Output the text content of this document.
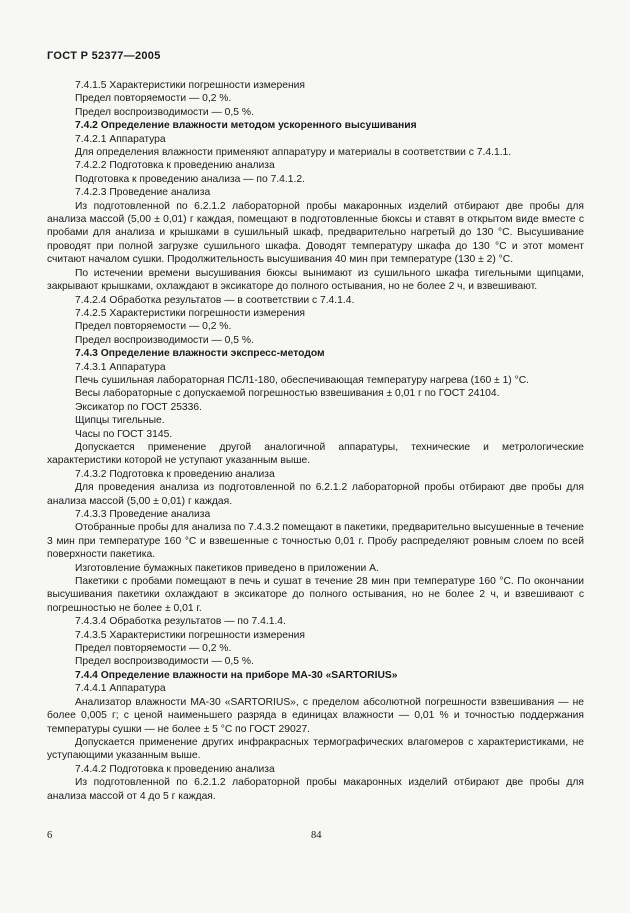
ГОСТ Р 52377—2005

7.4.1.5 Характеристики погрешности измерения

Предел повторяемости — 0,2 %.

Предел воспроизводимости — 0,5 %.

7.4.2 Определение влажности методом ускоренного высушивания

7.4.2.1 Аппаратура

Для определения влажности применяют аппаратуру и материалы в соответствии с 7.4.1.1.

7.4.2.2 Подготовка к проведению анализа

Подготовка к проведению анализа — по 7.4.1.2.

7.4.2.3 Проведение анализа

Из подготовленной по 6.2.1.2 лабораторной пробы макаронных изделий отбирают две пробы для анализа массой (5,00 ± 0,01) г каждая, помещают в подготовленные бюксы и ставят в открытом виде вместе с пробами для анализа и крышками в сушильный шкаф, предварительно нагретый до 130 °С. Высушивание проводят при полной загрузке сушильного шкафа. Доводят температуру шкафа до 130 °С и этот момент считают началом сушки. Продолжительность высушивания 40 мин при температуре (130 ± 2) °С.

По истечении времени высушивания бюксы вынимают из сушильного шкафа тигельными щипцами, закрывают крышками, охлаждают в эксикаторе до полного остывания, но не более 2 ч, и взвешивают.

7.4.2.4 Обработка результатов — в соответствии с 7.4.1.4.

7.4.2.5 Характеристики погрешности измерения

Предел повторяемости — 0,2 %.

Предел воспроизводимости — 0,5 %.

7.4.3 Определение влажности экспресс-методом

7.4.3.1 Аппаратура

Печь сушильная лабораторная ПСЛ1-180, обеспечивающая температуру нагрева (160 ± 1) °С.

Весы лабораторные с допускаемой погрешностью взвешивания ± 0,01 г по ГОСТ 24104.

Эксикатор по ГОСТ 25336.

Щипцы тигельные.

Часы по ГОСТ 3145.

Допускается применение другой аналогичной аппаратуры, технические и метрологические характеристики которой не уступают указанным выше.

7.4.3.2 Подготовка к проведению анализа

Для проведения анализа из подготовленной по 6.2.1.2 лабораторной пробы отбирают две пробы для анализа массой (5,00 ± 0,01) г каждая.

7.4.3.3 Проведение анализа

Отобранные пробы для анализа по 7.4.3.2 помещают в пакетики, предварительно высушенные в течение 3 мин при температуре 160 °С и взвешенные с точностью 0,01 г. Пробу распределяют ровным слоем по всей поверхности пакетика.

Изготовление бумажных пакетиков приведено в приложении А.

Пакетики с пробами помещают в печь и сушат в течение 28 мин при температуре 160 °С. По окончании высушивания пакетики охлаждают в эксикаторе до полного остывания, но не более 2 ч, и взвешивают с погрешностью не более ± 0,01 г.

7.4.3.4 Обработка результатов — по 7.4.1.4.

7.4.3.5 Характеристики погрешности измерения

Предел повторяемости — 0,2 %.

Предел воспроизводимости — 0,5 %.

7.4.4 Определение влажности на приборе МА-30 «SARTORIUS»

7.4.4.1 Аппаратура

Анализатор влажности МА-30 «SARTORIUS», с пределом абсолютной погрешности взвешивания — не более 0,005 г; с ценой наименьшего разряда в единицах влажности — 0,01 % и точностью поддержания температуры сушки — не более ± 5 °С по ГОСТ 29027.

Допускается применение других инфракрасных термографических влагомеров с характеристиками, не уступающими указанным выше.

7.4.4.2 Подготовка к проведению анализа

Из подготовленной по 6.2.1.2 лабораторной пробы макаронных изделий отбирают две пробы для анализа массой от 4 до 5 г каждая.

6	84
